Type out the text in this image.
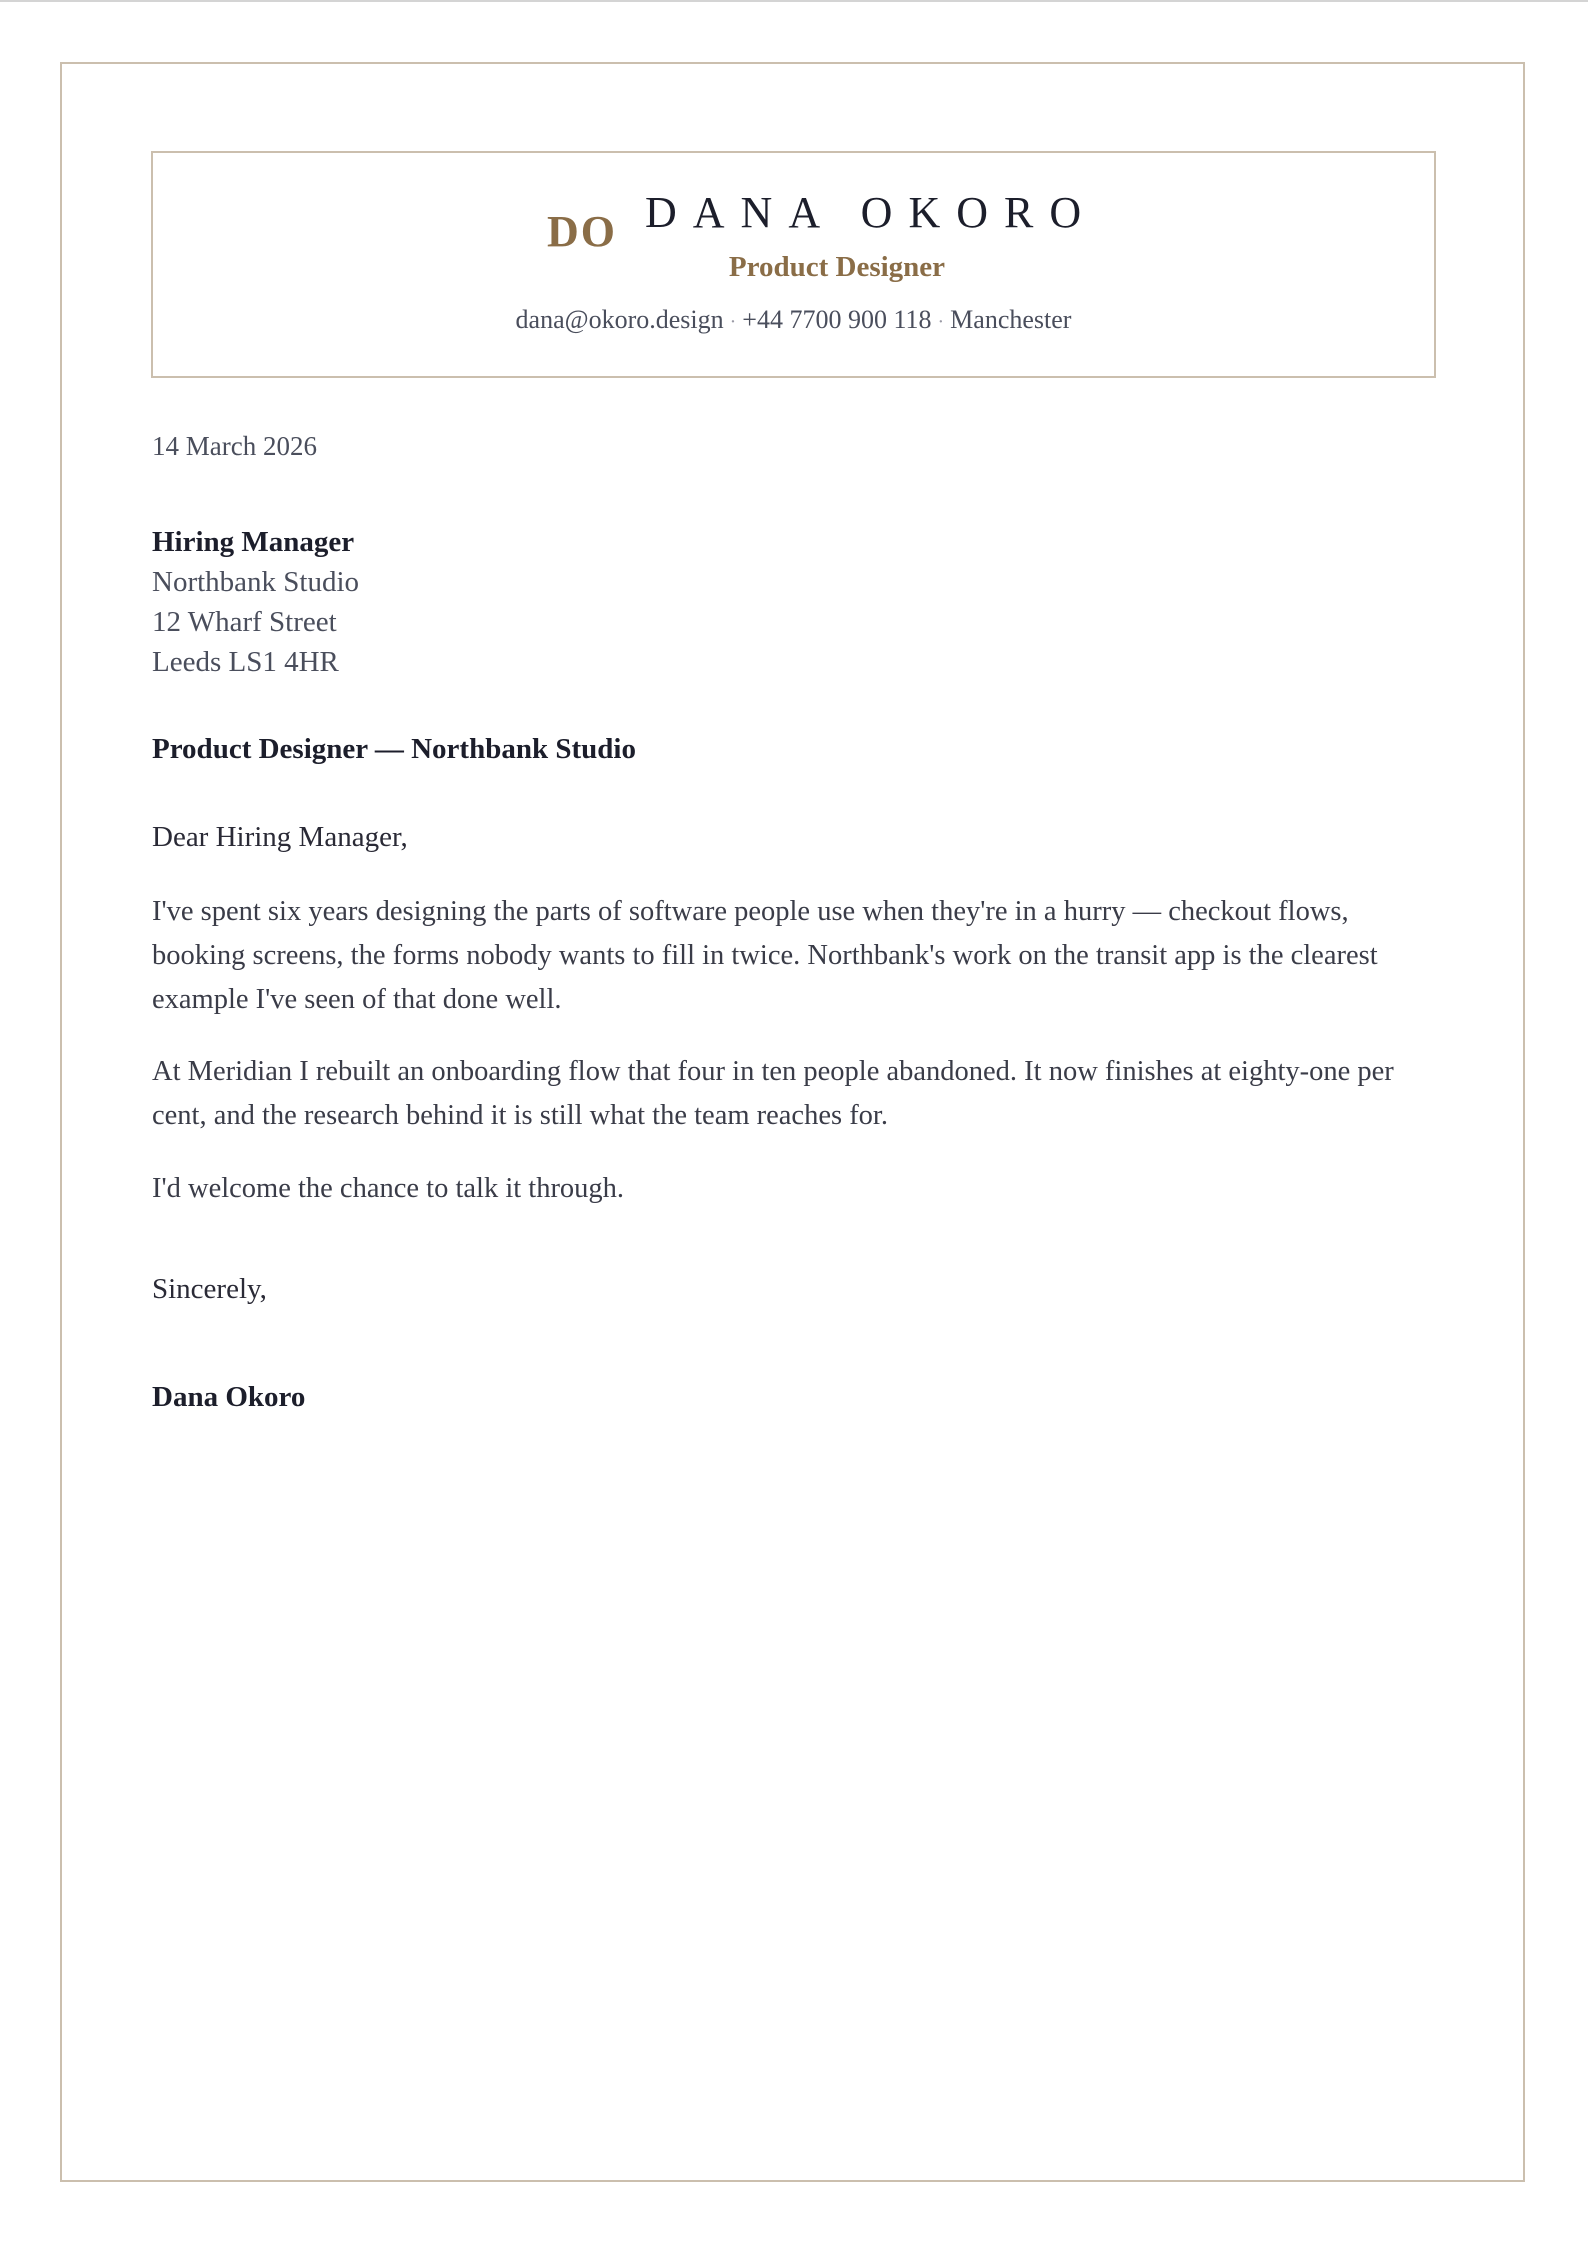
DO DANA OKORO
Product Designer
dana@okoro.design · +44 7700 900 118 · Manchester
14 March 2026
Hiring Manager
Northbank Studio
12 Wharf Street
Leeds LS1 4HR
Product Designer — Northbank Studio
Dear Hiring Manager,

I've spent six years designing the parts of software people use when they're in a hurry — checkout flows, booking screens, the forms nobody wants to fill in twice. Northbank's work on the transit app is the clearest example I've seen of that done well.

At Meridian I rebuilt an onboarding flow that four in ten people abandoned. It now finishes at eighty-one per cent, and the research behind it is still what the team reaches for.

I'd welcome the chance to talk it through.

Sincerely,
Dana Okoro
